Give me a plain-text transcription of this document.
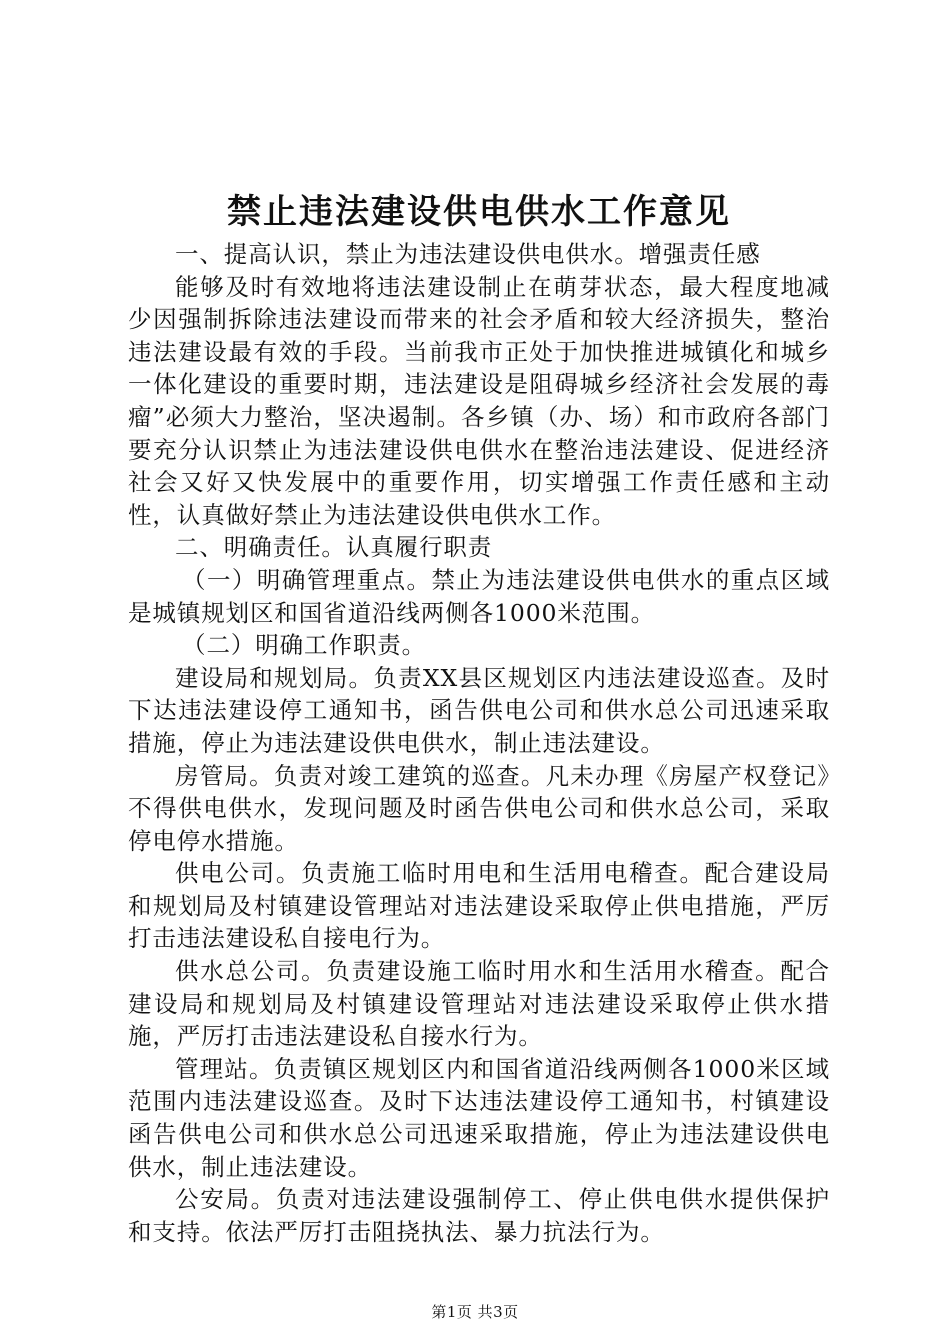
禁止违法建设供电供水工作意见

一、提高认识，禁止为违法建设供电供水。增强责任感

能够及时有效地将违法建设制止在萌芽状态，最大程度地减少因强制拆除违法建设而带来的社会矛盾和较大经济损失，整治违法建设最有效的手段。当前我市正处于加快推进城镇化和城乡一体化建设的重要时期，违法建设是阻碍城乡经济社会发展的毒瘤”必须大力整治，坚决遏制。各乡镇（办、场）和市政府各部门要充分认识禁止为违法建设供电供水在整治违法建设、促进经济社会又好又快发展中的重要作用，切实增强工作责任感和主动性，认真做好禁止为违法建设供电供水工作。

二、明确责任。认真履行职责

（一）明确管理重点。禁止为违法建设供电供水的重点区域是城镇规划区和国省道沿线两侧各1000米范围。

（二）明确工作职责。

建设局和规划局。负责XX县区规划区内违法建设巡查。及时下达违法建设停工通知书，函告供电公司和供水总公司迅速采取措施，停止为违法建设供电供水，制止违法建设。

房管局。负责对竣工建筑的巡查。凡未办理《房屋产权登记》不得供电供水，发现问题及时函告供电公司和供水总公司，采取停电停水措施。

供电公司。负责施工临时用电和生活用电稽查。配合建设局和规划局及村镇建设管理站对违法建设采取停止供电措施，严厉打击违法建设私自接电行为。

供水总公司。负责建设施工临时用水和生活用水稽查。配合建设局和规划局及村镇建设管理站对违法建设采取停止供水措施，严厉打击违法建设私自接水行为。

管理站。负责镇区规划区内和国省道沿线两侧各1000米区域范围内违法建设巡查。及时下达违法建设停工通知书，村镇建设函告供电公司和供水总公司迅速采取措施，停止为违法建设供电供水，制止违法建设。

公安局。负责对违法建设强制停工、停止供电供水提供保护和支持。依法严厉打击阻挠执法、暴力抗法行为。

第1页 共3页
